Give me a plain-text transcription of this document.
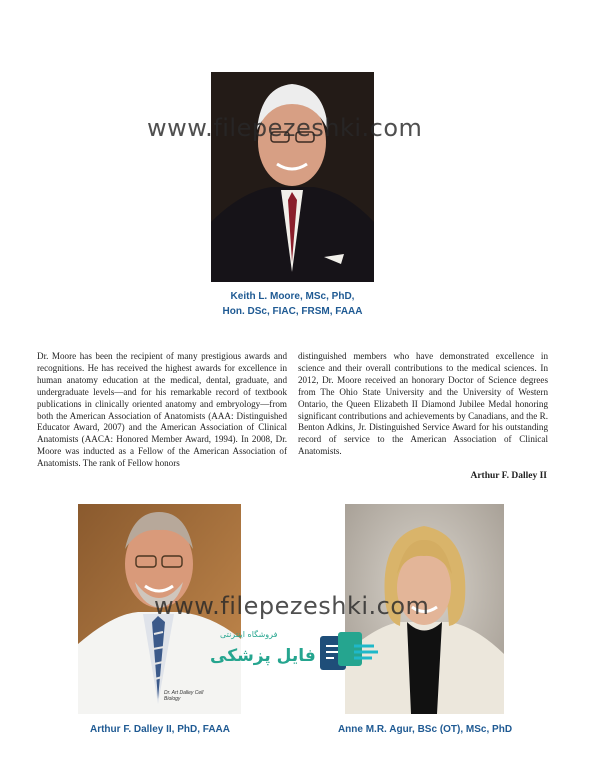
Keith L. Moore, MSc, PhD,
Hon. DSc, FIAC, FRSM, FAAA

Dr. Moore has been the recipient of many prestigious awards and recognitions. He has received the highest awards for excellence in human anatomy education at the medical, dental, graduate, and undergraduate levels—and for his remarkable record of textbook publications in clinically oriented anatomy and embryology—from both the American Association of Anatomists (AAA: Distinguished Educator Award, 2007) and the American Association of Clinical Anatomists (AACA: Honored Member Award, 1994). In 2008, Dr. Moore was inducted as a Fellow of the American Association of Anatomists. The rank of Fellow honors

distinguished members who have demonstrated excellence in science and their overall contributions to the medical sciences. In 2012, Dr. Moore received an honorary Doctor of Science degrees from The Ohio State University and the University of Western Ontario, the Queen Elizabeth II Diamond Jubilee Medal honoring significant contributions and achievements by Canadians, and the R. Benton Adkins, Jr. Distinguished Service Award for his outstanding record of service to the American Association of Clinical Anatomists.

Arthur F. Dalley II
Dr. Art Dalley Cell Biology
Arthur F. Dalley II, PhD, FAAA	Anne M.R. Agur, BSc (OT), MSc, PhD
www.filepezeshki.com
www.filepezeshki.com
فروشگاه اینترنتی
فایل پزشکی
